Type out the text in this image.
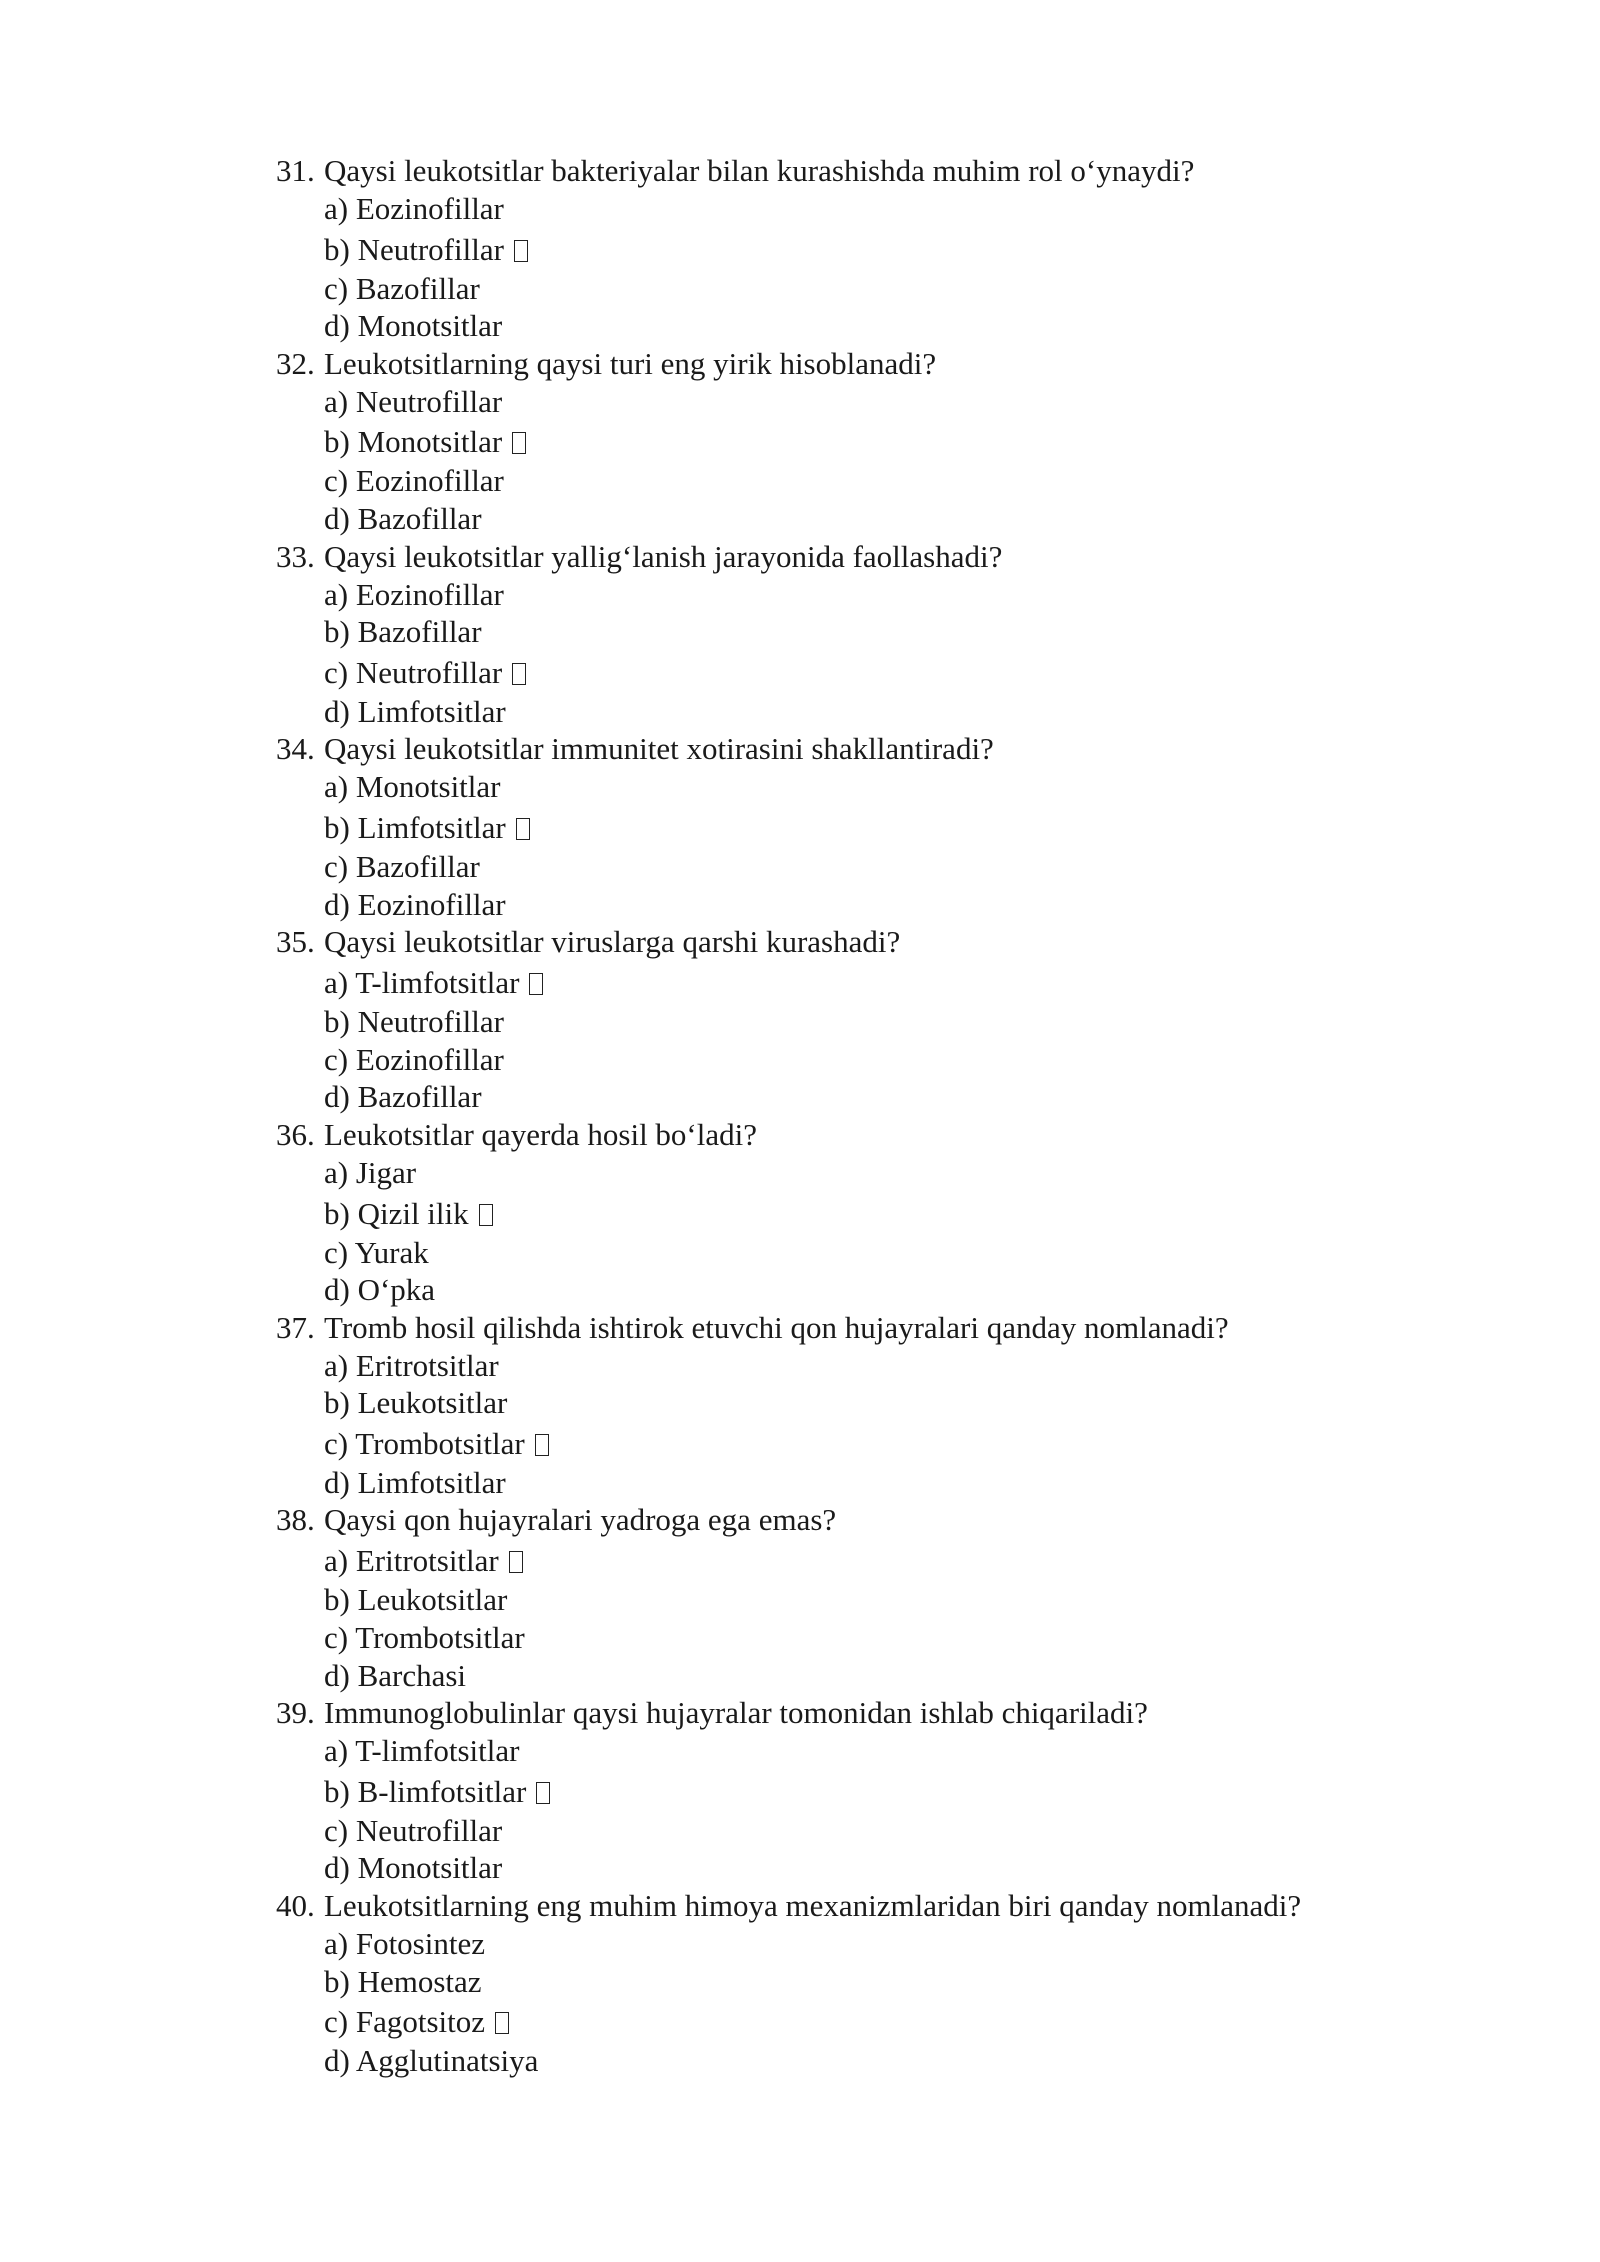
31. Qaysi leukotsitlar bakteriyalar bilan kurashishda muhim rol o‘ynaydi?
a) Eozinofillar
b) Neutrofillar
c) Bazofillar
d) Monotsitlar
32. Leukotsitlarning qaysi turi eng yirik hisoblanadi?
a) Neutrofillar
b) Monotsitlar
c) Eozinofillar
d) Bazofillar
33. Qaysi leukotsitlar yallig‘lanish jarayonida faollashadi?
a) Eozinofillar
b) Bazofillar
c) Neutrofillar
d) Limfotsitlar
34. Qaysi leukotsitlar immunitet xotirasini shakllantiradi?
a) Monotsitlar
b) Limfotsitlar
c) Bazofillar
d) Eozinofillar
35. Qaysi leukotsitlar viruslarga qarshi kurashadi?
a) T-limfotsitlar
b) Neutrofillar
c) Eozinofillar
d) Bazofillar
36. Leukotsitlar qayerda hosil bo‘ladi?
a) Jigar
b) Qizil ilik
c) Yurak
d) O‘pka
37. Tromb hosil qilishda ishtirok etuvchi qon hujayralari qanday nomlanadi?
a) Eritrotsitlar
b) Leukotsitlar
c) Trombotsitlar
d) Limfotsitlar
38. Qaysi qon hujayralari yadroga ega emas?
a) Eritrotsitlar
b) Leukotsitlar
c) Trombotsitlar
d) Barchasi
39. Immunoglobulinlar qaysi hujayralar tomonidan ishlab chiqariladi?
a) T-limfotsitlar
b) B-limfotsitlar
c) Neutrofillar
d) Monotsitlar
40. Leukotsitlarning eng muhim himoya mexanizmlaridan biri qanday nomlanadi?
a) Fotosintez
b) Hemostaz
c) Fagotsitoz
d) Agglutinatsiya
